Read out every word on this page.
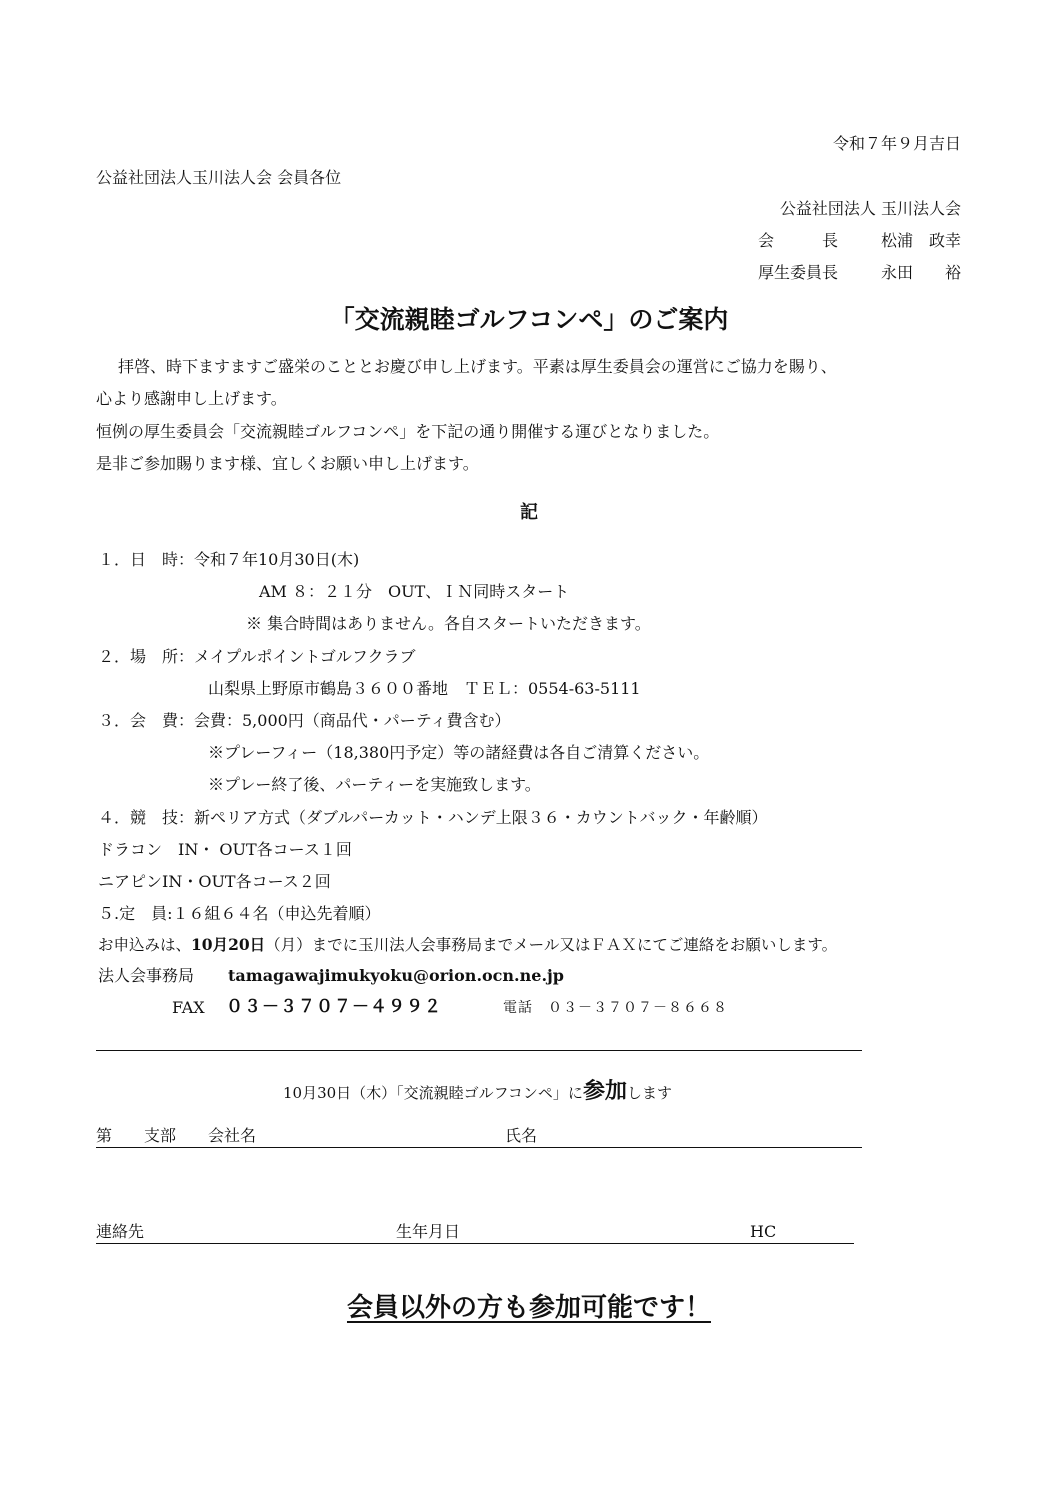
令和７年９月吉日
公益社団法人玉川法人会 会員各位
公益社団法人 玉川法人会
会　　　長	松浦　政幸
厚生委員長	永田　　裕
「交流親睦ゴルフコンペ」のご案内
拝啓、時下ますますご盛栄のこととお慶び申し上げます。平素は厚生委員会の運営にご協力を賜り、
心より感謝申し上げます。
恒例の厚生委員会「交流親睦ゴルフコンペ」を下記の通り開催する運びとなりました。
是非ご参加賜ります様、宜しくお願い申し上げます。
記
１．日　時：令和７年10月30日(木)
AM ８：２１分　OUT、ＩＮ同時スタート
※ 集合時間はありません。各自スタートいただきます。
２．場　所：メイプルポイントゴルフクラブ
山梨県上野原市鶴島３６００番地　ＴＥＬ：0554-63-5111
３．会　費：会費：5,000円（商品代・パーティ費含む）
※プレーフィー（18,380円予定）等の諸経費は各自ご清算ください。
※プレー終了後、パーティーを実施致します。
４．競　技：新ペリア方式（ダブルパーカット・ハンデ上限３６・カウントバック・年齢順）
ドラコン　IN・ OUT各コース１回
ニアピンIN・OUT各コース２回
５.定　員:１６組６４名（申込先着順）
お申込みは、10月20日（月）までに玉川法人会事務局までメール又はＦＡＸにてご連絡をお願いします。
法人会事務局 tamagawajimukyoku@orion.ocn.ne.jp
FAX ０３－３７０７－４９９２	電話　０３－３７０７－８６６８
10月30日（木）「交流親睦ゴルフコンペ」に参加します
第　　支部 会社名	氏名
連絡先	生年月日	HC
会員以外の方も参加可能です！
